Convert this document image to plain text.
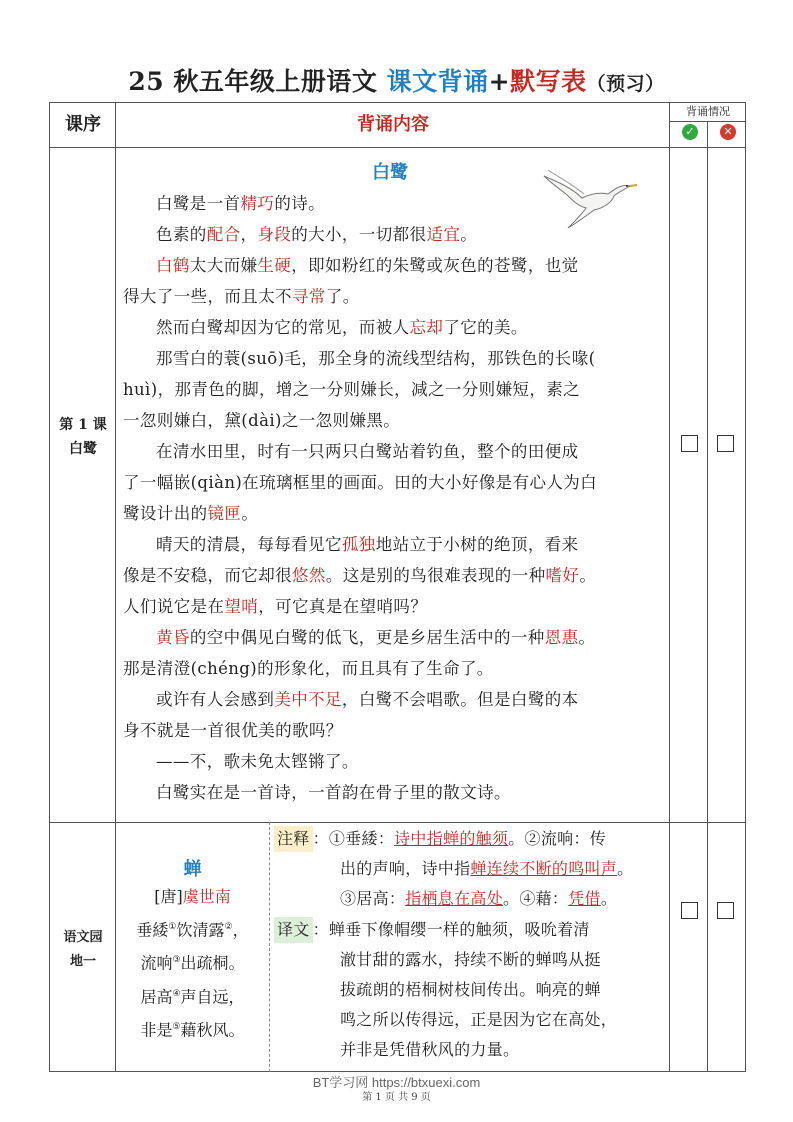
25 秋五年级上册语文 课文背诵+默写表（预习）
课序	背诵内容
背诵情况
✓	✕
第 1 课
白鹭
语文园
地一
白鹭
白鹭是一首精巧的诗。
色素的配合，身段的大小，一切都很适宜。
白鹤太大而嫌生硬，即如粉红的朱鹭或灰色的苍鹭，也觉
得大了一些，而且太不寻常了。
然而白鹭却因为它的常见，而被人忘却了它的美。
那雪白的蓑(suō)毛，那全身的流线型结构，那铁色的长喙(
huì)，那青色的脚，增之一分则嫌长，减之一分则嫌短，素之
一忽则嫌白，黛(dài)之一忽则嫌黑。
在清水田里，时有一只两只白鹭站着钓鱼，整个的田便成
了一幅嵌(qiàn)在琉璃框里的画面。田的大小好像是有心人为白
鹭设计出的镜匣。
晴天的清晨，每每看见它孤独地站立于小树的绝顶，看来
像是不安稳，而它却很悠然。这是别的鸟很难表现的一种嗜好。
人们说它是在望哨，可它真是在望哨吗？
黄昏的空中偶见白鹭的低飞，更是乡居生活中的一种恩惠。
那是清澄(chéng)的形象化，而且具有了生命了。
或许有人会感到美中不足，白鹭不会唱歌。但是白鹭的本
身不就是一首很优美的歌吗？
——不，歌未免太铿锵了。
白鹭实在是一首诗，一首韵在骨子里的散文诗。
蝉
[唐]虞世南
垂緌①饮清露②，
流响③出疏桐。
居高④声自远，
非是⑤藉秋风。
注释 ：①垂緌：诗中指蝉的触须。②流响：传
出的声响，诗中指蝉连续不断的鸣叫声。
③居高：指栖息在高处。④藉：凭借。
译文 ：蝉垂下像帽缨一样的触须，吸吮着清
澈甘甜的露水，持续不断的蝉鸣从挺
拔疏朗的梧桐树枝间传出。响亮的蝉
鸣之所以传得远，正是因为它在高处，
并非是凭借秋风的力量。
BT学习网 https://btxuexi.com
第 1 页 共 9 页
